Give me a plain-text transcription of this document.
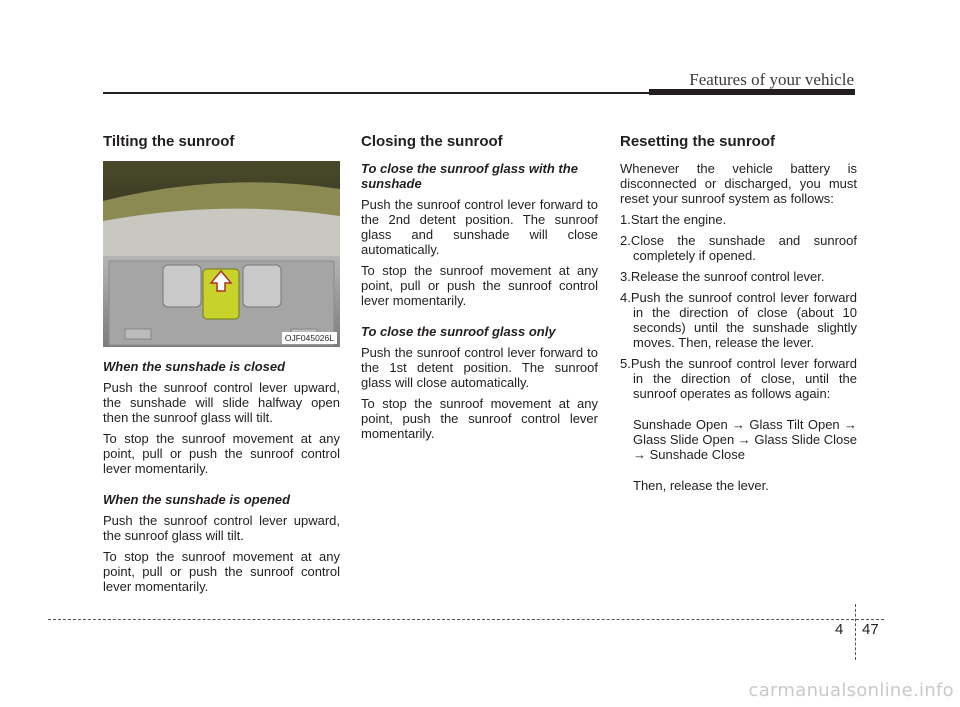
Features of your vehicle
Tilting the sunroof
OJF045026L
When the sunshade is closed

Push the sunroof control lever upward, the sunshade will slide halfway open then the sunroof glass will tilt.

To stop the sunroof movement at any point, pull or push the sunroof control lever momentarily.

When the sunshade is opened

Push the sunroof control lever upward, the sunroof glass will tilt.

To stop the sunroof movement at any point, pull or push the sunroof control lever momentarily.

Closing the sunroof
To close the sunroof glass with the sunshade

Push the sunroof control lever forward to the 2nd detent position. The sunroof glass and sunshade will close automatically.

To stop the sunroof movement at any point, pull or push the sunroof control lever momentarily.

To close the sunroof glass only

Push the sunroof control lever forward to the 1st detent position. The sunroof glass will close automatically.

To stop the sunroof movement at any point, push the sunroof control lever momentarily.

Resetting the sunroof

Whenever the vehicle battery is disconnected or discharged, you must reset your sunroof system as follows:

1.Start the engine.
2.Close the sunshade and sunroof completely if opened.
3.Release the sunroof control lever.
4.Push the sunroof control lever forward in the direction of close (about 10 seconds) until the sunshade slightly moves. Then, release the lever.
5.Push the sunroof control lever forward in the direction of close, until the sunroof operates as follows again:

Sunshade Open → Glass Tilt Open → Glass Slide Open → Glass Slide Close → Sunshade Close

Then, release the lever.

4 47
carmanualsonline.info
